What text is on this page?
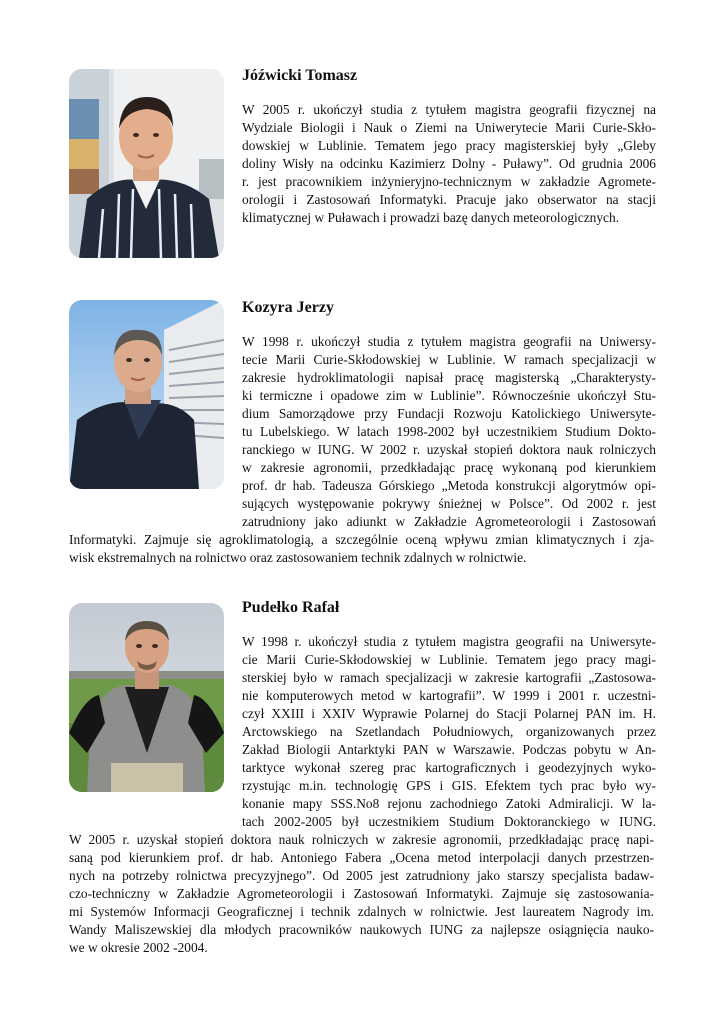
Jóźwicki Tomasz
W 2005 r. ukończył studia z tytułem magistra geografii fizycznej na
Wydziale Biologii i Nauk o Ziemi na Uniwerytecie Marii Curie-Skło-
dowskiej w Lublinie. Tematem jego pracy magisterskiej były „Gleby
doliny Wisły na odcinku Kazimierz Dolny - Puławy”. Od grudnia 2006
r. jest pracownikiem inżynieryjno-technicznym w zakładzie Agromete-
orologii i Zastosowań Informatyki. Pracuje jako obserwator na stacji
klimatycznej w Puławach i prowadzi bazę danych meteorologicznych.
Kozyra Jerzy
W 1998 r. ukończył studia z tytułem magistra geografii na Uniwersy-
tecie Marii Curie-Skłodowskiej w Lublinie. W ramach specjalizacji w
zakresie hydroklimatologii napisał pracę magisterską „Charakterysty-
ki termiczne i opadowe zim w Lublinie”. Równocześnie ukończył Stu-
dium Samorządowe przy Fundacji Rozwoju Katolickiego Uniwersyte-
tu Lubelskiego. W latach 1998-2002 był uczestnikiem Studium Dokto-
ranckiego w IUNG. W 2002 r. uzyskał stopień doktora nauk rolniczych
w zakresie agronomii, przedkładając pracę wykonaną pod kierunkiem
prof. dr hab. Tadeusza Górskiego „Metoda konstrukcji algorytmów opi-
sujących występowanie pokrywy śnieżnej w Polsce”. Od 2002 r. jest
zatrudniony jako adiunkt w Zakładzie Agrometeorologii i Zastosowań
Informatyki. Zajmuje się agroklimatologią, a szczególnie oceną wpływu zmian klimatycznych i zja-
wisk ekstremalnych na rolnictwo oraz zastosowaniem technik zdalnych w rolnictwie.
Pudełko Rafał
W 1998 r. ukończył studia z tytułem magistra geografii na Uniwersyte-
cie Marii Curie-Skłodowskiej w Lublinie. Tematem jego pracy magi-
sterskiej było w ramach specjalizacji w zakresie kartografii „Zastosowa-
nie komputerowych metod w kartografii”. W 1999 i 2001 r. uczestni-
czył XXIII i XXIV Wyprawie Polarnej do Stacji Polarnej PAN im. H.
Arctowskiego na Szetlandach Południowych, organizowanych przez
Zakład Biologii Antarktyki PAN w Warszawie. Podczas pobytu w An-
tarktyce wykonał szereg prac kartograficznych i geodezyjnych wyko-
rzystując m.in. technologię GPS i GIS. Efektem tych prac było wy-
konanie mapy SSS.No8 rejonu zachodniego Zatoki Admiralicji. W la-
tach 2002-2005 był uczestnikiem Studium Doktoranckiego w IUNG.
W 2005 r. uzyskał stopień doktora nauk rolniczych w zakresie agronomii, przedkładając pracę napi-
saną pod kierunkiem prof. dr hab. Antoniego Fabera „Ocena metod interpolacji danych przestrzen-
nych na potrzeby rolnictwa precyzyjnego”. Od 2005 jest zatrudniony jako starszy specjalista badaw-
czo-techniczny w Zakładzie Agrometeorologii i Zastosowań Informatyki. Zajmuje się zastosowania-
mi Systemów Informacji Geograficznej i technik zdalnych w rolnictwie. Jest laureatem Nagrody im.
Wandy Maliszewskiej dla młodych pracowników naukowych IUNG za najlepsze osiągnięcia nauko-
we w okresie 2002 -2004.
